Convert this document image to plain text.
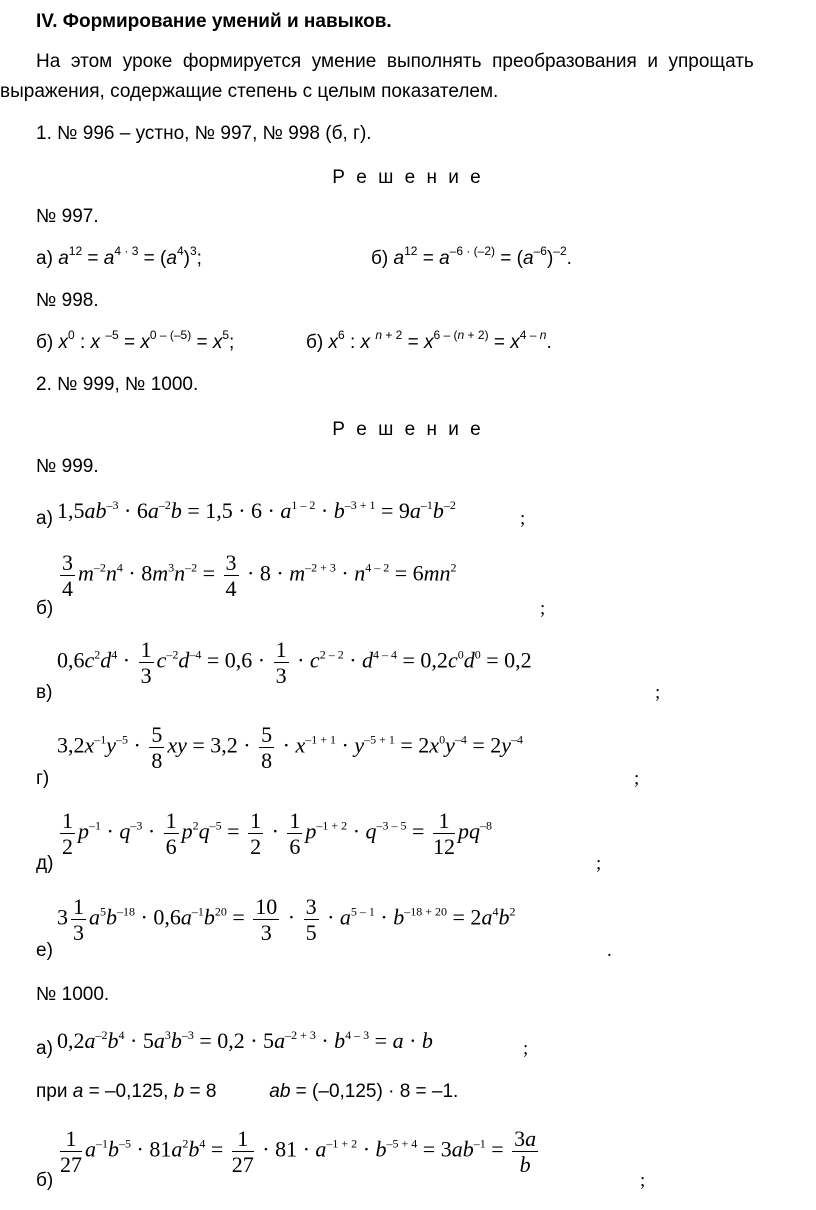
IV. Формирование умений и навыков.
На  этом  уроке  формируется  умение  выполнять  преобразования  и  упрощать
выражения, содержащие степень с целым показателем.
1. № 996 – устно, № 997, № 998 (б, г).
Р е ш е н и е
№ 997.
а) $a^{12} = a^{4 \cdot 3} = (a^4)^3$;	б) $a^{12} = a^{-6 \cdot (-2)} = (a^{-6})^{-2}$.
№ 998.
б) $x^0$ : x $^{-5} = x^{0 - (-5)} = x^5$;	б) $x^6$ : x $^{n + 2} = x^{6 - (n + 2)} = x^{4 - n}$.
2. № 999, № 1000.
Р е ш е н и е
№ 999.
а) $1,5ab^{-3} \cdot 6a^{-2}b = 1,5 \cdot 6 \cdot a^{1 - 2} \cdot b^{-3 + 1} = 9a^{-1}b^{-2}$
;
б)
$\frac{3}{4} m^{-2}n^4 \cdot 8m^3n^{-2} = \frac{3}{4} \cdot 8 \cdot m^{-2 + 3} \cdot n^{4 - 2} = 6mn^2$
;
в)
$0,6c^2d^4 \cdot \frac{1}{3} c^{-2}d^{-4} = 0,6 \cdot \frac{1}{3} \cdot c^{2 - 2} \cdot d^{4 - 4} = 0,2c^0d^0 = 0,2$
;
г)
$3,2x^{-1}y^{-5} \cdot \frac{5}{8}$ xy = $3,2 \cdot \frac{5}{8} \cdot x^{-1 + 1} \cdot y^{-5 + 1} = 2x^0y^{-4} = 2y^{-4}$
;
д)
$\frac{1}{2} p^{-1} \cdot q^{-3} \cdot \frac{1}{6} p^2q^{-5} = \frac{1}{2} \cdot \frac{1}{6} p^{-1 + 2} \cdot q^{-3 - 5} = \frac{1}{12} pq^{-8}$
;
е)
$3 \frac{1}{3} a^5b^{-18} \cdot 0,6a^{-1}b^{20} = \frac{10}{3} \cdot \frac{3}{5} \cdot a^{5 - 1} \cdot b^{-18 + 20} = 2a^4b^2$
.
№ 1000.
а) $0,2a^{-2}b^4 \cdot 5a^3b^{-3} = 0,2 \cdot 5a^{-2 + 3} \cdot b^{4 - 3} = a \cdot b$	;
при a = –0,125, b = 8          ab = (–0,125) · 8 = –1.
б)
$\frac{1}{27} a^{-1}b^{-5} \cdot 81a^2b^4 = \frac{1}{27} \cdot 81 \cdot a^{-1 + 2} \cdot b^{-5 + 4} = 3ab^{-1} = \frac{3a}{b}$
;
